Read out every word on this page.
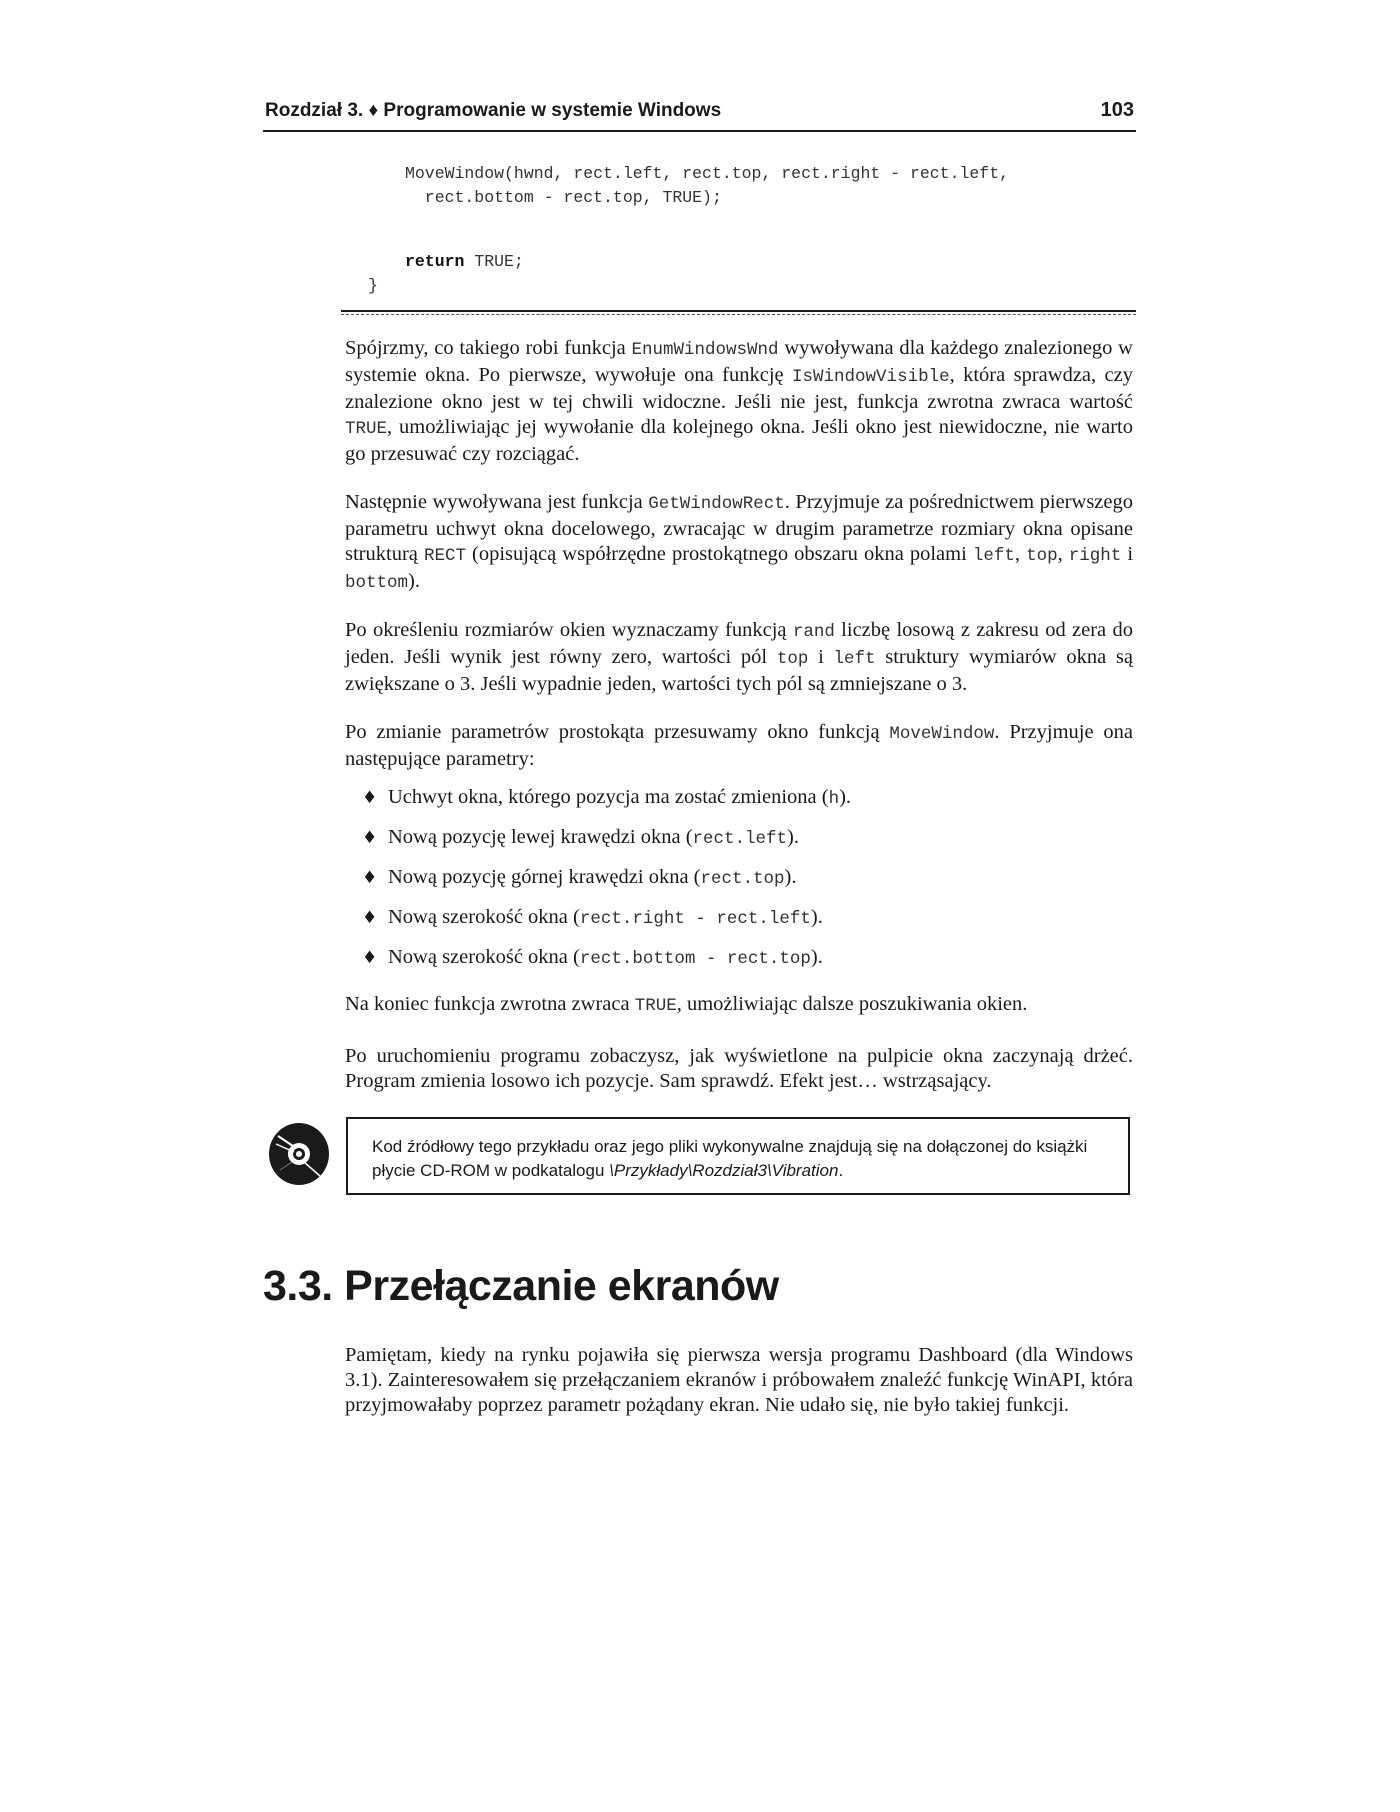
Rozdział 3. ♦ Programowanie w systemie Windows	103
MoveWindow(hwnd, rect.left, rect.top, rect.right - rect.left,
rect.bottom - rect.top, TRUE);
return TRUE;
}

Spójrzmy, co takiego robi funkcja EnumWindowsWnd wywoływana dla każdego znalezionego w systemie okna. Po pierwsze, wywołuje ona funkcję IsWindowVisible, która sprawdza, czy znalezione okno jest w tej chwili widoczne. Jeśli nie jest, funkcja zwrotna zwraca wartość TRUE, umożliwiając jej wywołanie dla kolejnego okna. Jeśli okno jest niewidoczne, nie warto go przesuwać czy rozciągać.

Następnie wywoływana jest funkcja GetWindowRect. Przyjmuje za pośrednictwem pierwszego parametru uchwyt okna docelowego, zwracając w drugim parametrze rozmiary okna opisane strukturą RECT (opisującą współrzędne prostokątnego obszaru okna polami left, top, right i bottom).

Po określeniu rozmiarów okien wyznaczamy funkcją rand liczbę losową z zakresu od zera do jeden. Jeśli wynik jest równy zero, wartości pól top i left struktury wymiarów okna są zwiększane o 3. Jeśli wypadnie jeden, wartości tych pól są zmniejszane o 3.

Po zmianie parametrów prostokąta przesuwamy okno funkcją MoveWindow. Przyjmuje ona następujące parametry:

♦ Uchwyt okna, którego pozycja ma zostać zmieniona (h).
♦ Nową pozycję lewej krawędzi okna (rect.left).
♦ Nową pozycję górnej krawędzi okna (rect.top).
♦ Nową szerokość okna (rect.right - rect.left).
♦ Nową szerokość okna (rect.bottom - rect.top).

Na koniec funkcja zwrotna zwraca TRUE, umożliwiając dalsze poszukiwania okien.

Po uruchomieniu programu zobaczysz, jak wyświetlone na pulpicie okna zaczynają drżeć. Program zmienia losowo ich pozycje. Sam sprawdź. Efekt jest… wstrząsający.

Kod źródłowy tego przykładu oraz jego pliki wykonywalne znajdują się na dołączonej do książki płycie CD-ROM w podkatalogu \Przykłady\Rozdział3\Vibration.
3.3. Przełączanie ekranów

Pamiętam, kiedy na rynku pojawiła się pierwsza wersja programu Dashboard (dla Windows 3.1). Zainteresowałem się przełączaniem ekranów i próbowałem znaleźć funkcję WinAPI, która przyjmowałaby poprzez parametr pożądany ekran. Nie udało się, nie było takiej funkcji.
